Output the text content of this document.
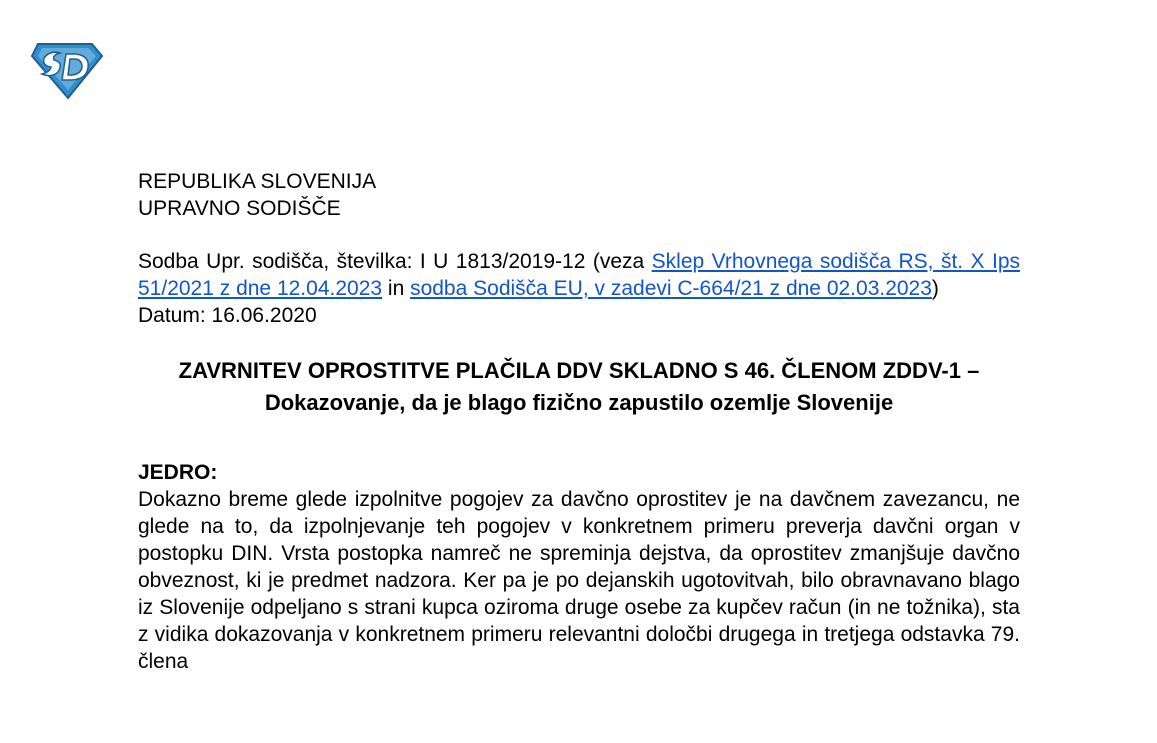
REPUBLIKA SLOVENIJA
UPRAVNO SODIŠČE
Sodba Upr. sodišča, številka: I U 1813/2019-12 (veza Sklep Vrhovnega sodišča RS, št. X Ips 51/2021 z dne 12.04.2023 in sodba Sodišča EU, v zadevi C-664/21 z dne 02.03.2023)
Datum: 16.06.2020
ZAVRNITEV OPROSTITVE PLAČILA DDV SKLADNO S 46. ČLENOM ZDDV-1 – Dokazovanje, da je blago fizično zapustilo ozemlje Slovenije
JEDRO:
Dokazno breme glede izpolnitve pogojev za davčno oprostitev je na davčnem zavezancu, ne glede na to, da izpolnjevanje teh pogojev v konkretnem primeru preverja davčni organ v postopku DIN. Vrsta postopka namreč ne spreminja dejstva, da oprostitev zmanjšuje davčno obveznost, ki je predmet nadzora. Ker pa je po dejanskih ugotovitvah, bilo obravnavano blago iz Slovenije odpeljano s strani kupca oziroma druge osebe za kupčev račun (in ne tožnika), sta z vidika dokazovanja v konkretnem primeru relevantni določbi drugega in tretjega odstavka 79. člena
